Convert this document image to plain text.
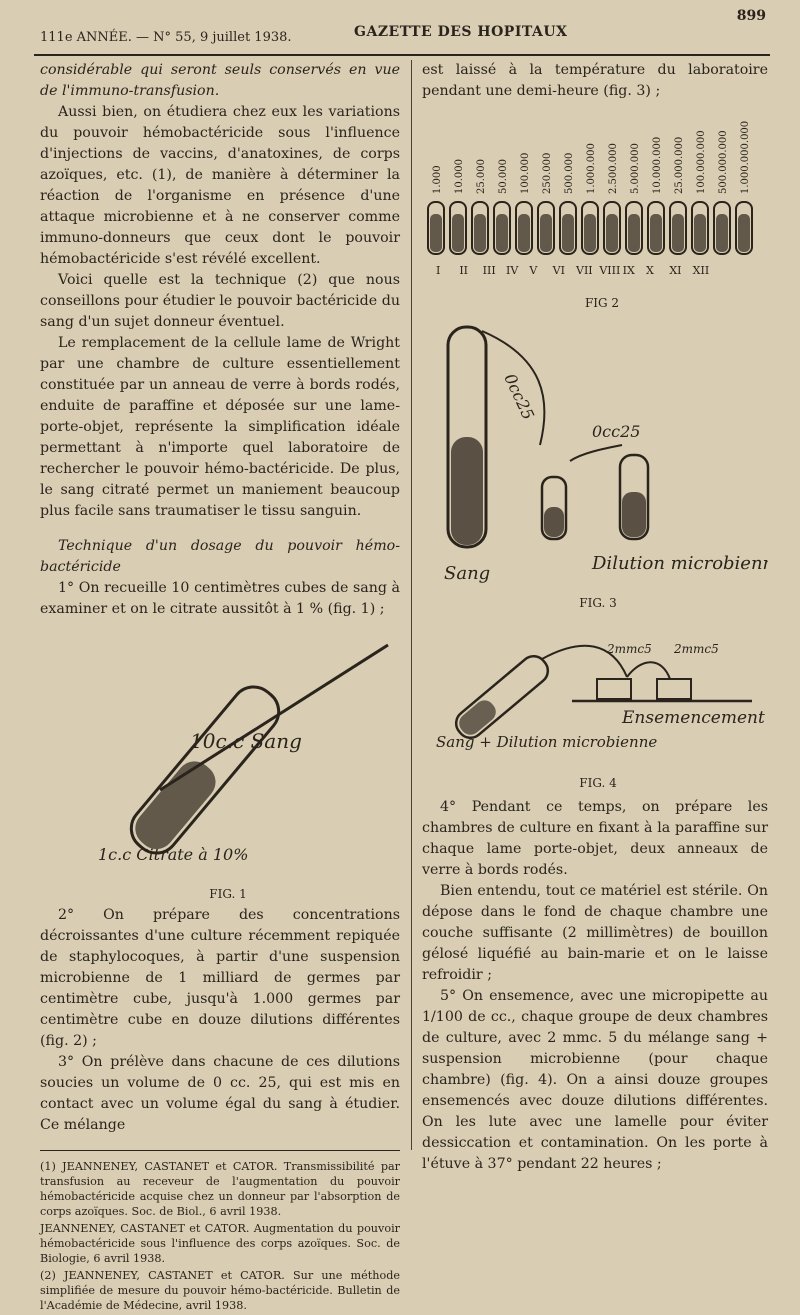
111e ANNÉE. — N° 55, 9 juillet 1938.	GAZETTE DES HOPITAUX
899

considérable qui seront seuls conservés en vue de l'immuno-transfusion.

Aussi bien, on étudiera chez eux les variations du pouvoir hémobactéricide sous l'influence d'injections de vaccins, d'anatoxines, de corps azoïques, etc. (1), de manière à déterminer la réaction de l'organisme en présence d'une attaque microbienne et à ne conserver comme immuno-donneurs que ceux dont le pouvoir hémobactéricide s'est révélé excellent.

Voici quelle est la technique (2) que nous conseillons pour étudier le pouvoir bactéricide du sang d'un sujet donneur éventuel.

Le remplacement de la cellule lame de Wright par une chambre de culture essentiellement constituée par un anneau de verre à bords rodés, enduite de paraffine et déposée sur une lame-porte-objet, représente la simplification idéale permettant à n'importe quel laboratoire de rechercher le pouvoir hémo-bactéricide. De plus, le sang citraté permet un maniement beaucoup plus facile sans traumatiser le tissu sanguin.

Technique d'un dosage du pouvoir hémo-bactéricide

1° On recueille 10 centimètres cubes de sang à examiner et on le citrate aussitôt à 1 % (fig. 1) ;

10c.c Sang
1c.c Citrate à 10%
FIG. 1

2° On prépare des concentrations décroissantes d'une culture récemment repiquée de staphylocoques, à partir d'une suspension microbienne de 1 milliard de germes par centimètre cube, jusqu'à 1.000 germes par centimètre cube en douze dilutions différentes (fig. 2) ;

3° On prélève dans chacune de ces dilutions soucies un volume de 0 cc. 25, qui est mis en contact avec un volume égal du sang à étudier. Ce mélange

(1) JEANNENEY, CASTANET et CATOR. Transmissibilité par transfusion au receveur de l'augmentation du pouvoir hémobactéricide acquise chez un donneur par l'absorption de corps azoïques. Soc. de Biol., 6 avril 1938.

JEANNENEY, CASTANET et CATOR. Augmentation du pouvoir hémobactéricide sous l'influence des corps azoïques. Soc. de Biologie, 6 avril 1938.

(2) JEANNENEY, CASTANET et CATOR. Sur une méthode simplifiée de mesure du pouvoir hémo-bactéricide. Bulletin de l'Académie de Médecine, avril 1938.

est laissé à la température du laboratoire pendant une demi-heure (fig. 3) ;

1.000 10.000 25.000 50.000 100.000 250.000 500.000 1.000.000 2.500.000 5.000.000 10.000.000 25.000.000 100.000.000 500.000.000 1.000.000.000
I II III IV V VI VII VIII IX X XI XII
FIG 2
0cc25
0cc25
Sang	Dilution microbienne
FIG. 3
2mmc5 2mmc5
Ensemencement
Sang + Dilution microbienne
FIG. 4

4° Pendant ce temps, on prépare les chambres de culture en fixant à la paraffine sur chaque lame porte-objet, deux anneaux de verre à bords rodés.

Bien entendu, tout ce matériel est stérile. On dépose dans le fond de chaque chambre une couche suffisante (2 millimètres) de bouillon gélosé liquéfié au bain-marie et on le laisse refroidir ;

5° On ensemence, avec une micropipette au 1/100 de cc., chaque groupe de deux chambres de culture, avec 2 mmc. 5 du mélange sang + suspension microbienne (pour chaque chambre) (fig. 4). On a ainsi douze groupes ensemencés avec douze dilutions différentes. On les lute avec une lamelle pour éviter dessiccation et contamination. On les porte à l'étuve à 37° pendant 22 heures ;
